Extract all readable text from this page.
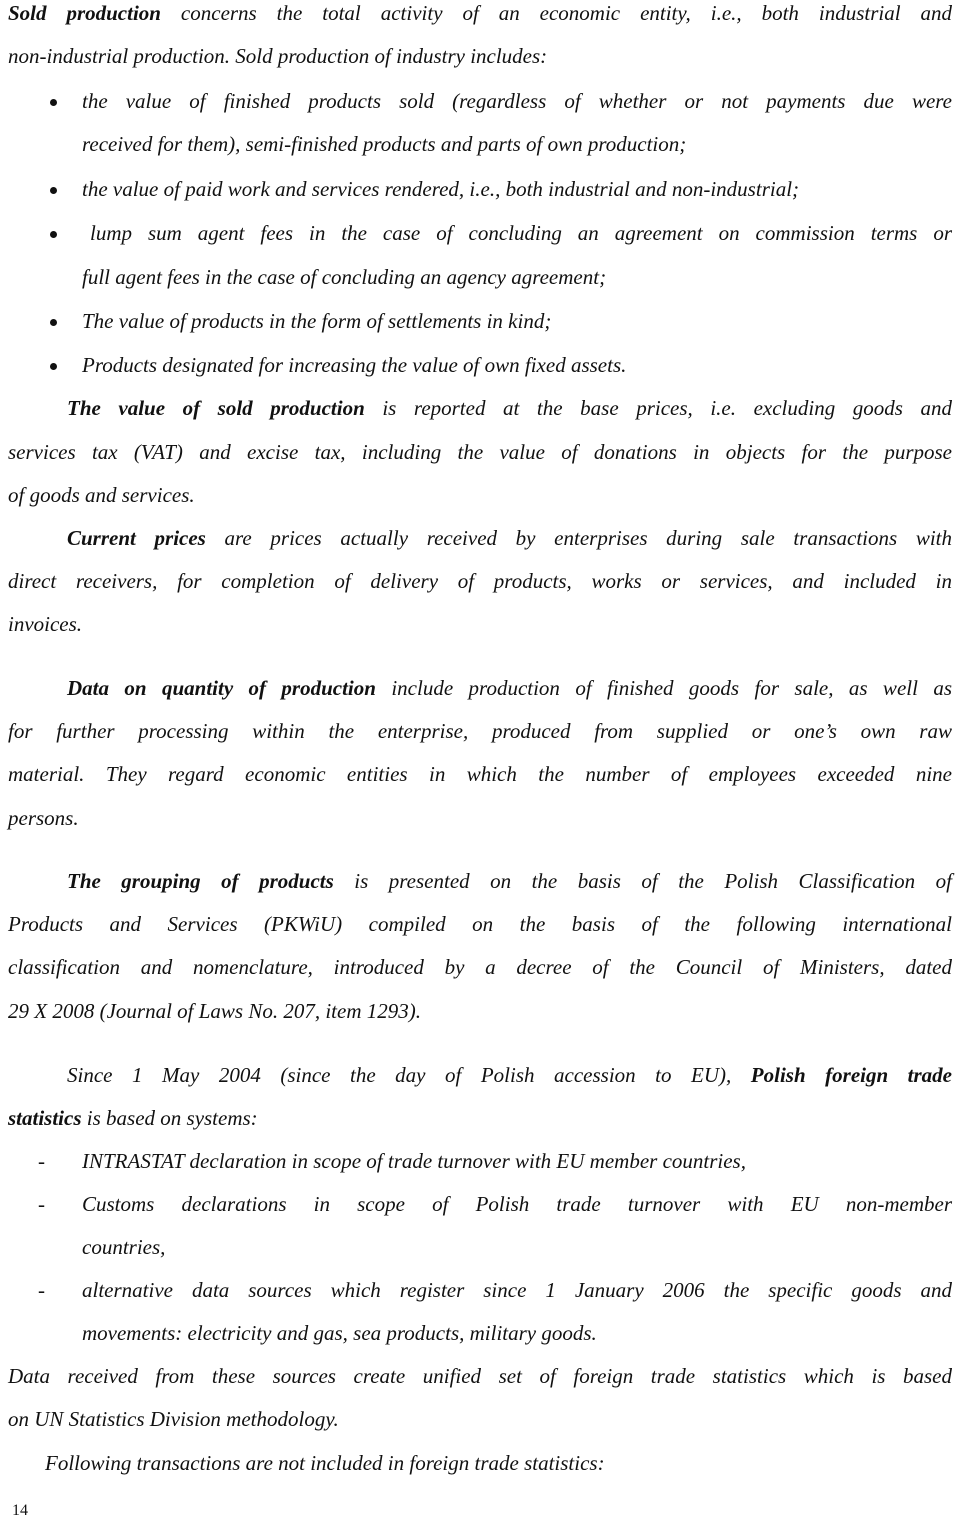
Sold production concerns the total activity of an economic entity, i.e., both industrial and
non-industrial production. Sold production of industry includes:
the value of finished products sold (regardless of whether or not payments due were
received for them), semi-finished products and parts of own production;
the value of paid work and services rendered, i.e., both industrial and non-industrial;
lump sum agent fees in the case of concluding an agreement on commission terms or
full agent fees in the case of concluding an agency agreement;
The value of products in the form of settlements in kind;
Products designated for increasing the value of own fixed assets.
The value of sold production is reported at the base prices, i.e. excluding goods and
services tax (VAT) and excise tax, including the value of donations in objects for the purpose
of goods and services.
Current prices are prices actually received by enterprises during sale transactions with
direct receivers, for completion of delivery of products, works or services, and included in
invoices.
Data on quantity of production include production of finished goods for sale, as well as
for further processing within the enterprise, produced from supplied or one’s own raw
material. They regard economic entities in which the number of employees exceeded nine
persons.
The grouping of products is presented on the basis of the Polish Classification of
Products and Services (PKWiU) compiled on the basis of the following international
classification and nomenclature, introduced by a decree of the Council of Ministers, dated
29 X 2008 (Journal of Laws No. 207, item 1293).
Since 1 May 2004 (since the day of Polish accession to EU), Polish foreign trade
statistics is based on systems:
- INTRASTAT declaration in scope of trade turnover with EU member countries,
- Customs declarations in scope of Polish trade turnover with EU non-member
countries,
- alternative data sources which register since 1 January 2006 the specific goods and
movements: electricity and gas, sea products, military goods.
Data received from these sources create unified set of foreign trade statistics which is based
on UN Statistics Division methodology.
Following transactions are not included in foreign trade statistics:
14
